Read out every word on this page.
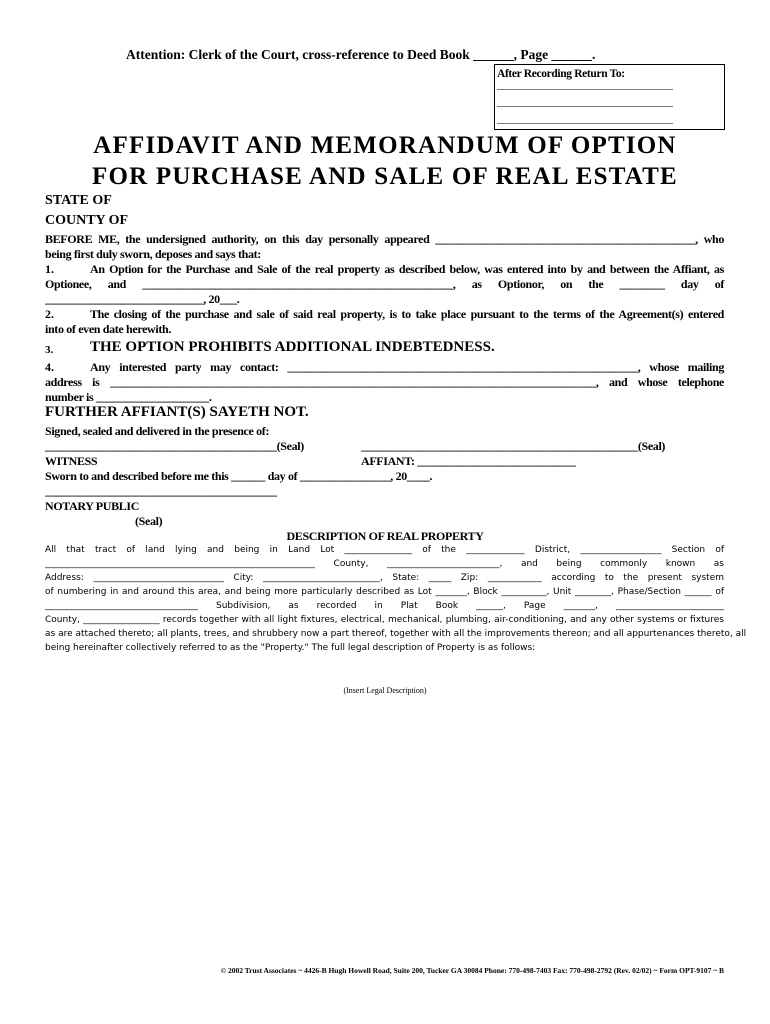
Attention: Clerk of the Court, cross-reference to Deed Book ______, Page ______.
After Recording Return To:
________________________________
________________________________
________________________________
AFFIDAVIT AND MEMORANDUM OF OPTION
FOR PURCHASE AND SALE OF REAL ESTATE
STATE OF
COUNTY OF
BEFORE ME, the undersigned authority, on this day personally appeared ______________________________________________, who
being first duly sworn, deposes and says that:
1.	An Option for the Purchase and Sale of the real property as described below, was entered into by and between the Affiant, as
Optionee, and _______________________________________________________, as Optionor, on the ________ day of
____________________________, 20___.
2.	The closing of the purchase and sale of said real property, is to take place pursuant to the terms of the Agreement(s) entered
into of even date herewith.
3. THE OPTION PROHIBITS ADDITIONAL INDEBTEDNESS.
4.	Any interested party may contact: ______________________________________________________________, whose mailing
address is ______________________________________________________________________________________, and whose telephone
number is ____________________.
FURTHER AFFIANT(S) SAYETH NOT.
Signed, sealed and delivered in the presence of:
_________________________________________(Seal)	_________________________________________________(Seal)
WITNESS	AFFIANT: ____________________________
Sworn to and described before me this ______ day of ________________, 20____.
_________________________________________
NOTARY PUBLIC
(Seal)
DESCRIPTION OF REAL PROPERTY
All that tract of land lying and being in Land Lot _______________ of the _____________ District, __________________ Section of
____________________________________________________________ County, _________________________, and being commonly known as
Address: _____________________________ City: __________________________, State: _____ Zip: ____________ according to the present system
of numbering in and around this area, and being more particularly described as Lot _______, Block __________, Unit ________, Phase/Section ______ of
__________________________________ Subdivision, as recorded in Plat Book ______, Page _______, ________________________
County, _________________ records together with all light fixtures, electrical, mechanical, plumbing, air-conditioning, and any other systems or fixtures
as are attached thereto; all plants, trees, and shrubbery now a part thereof, together with all the improvements thereon; and all appurtenances thereto, all
being hereinafter collectively referred to as the "Property." The full legal description of Property is as follows:
(Insert Legal Description)
© 2002 Trust Associates ~ 4426-B Hugh Howell Road, Suite 200, Tucker GA 30084 Phone: 770-498-7403 Fax: 770-498-2792 (Rev. 02/02) ~ Form OPT-9107 ~ B
